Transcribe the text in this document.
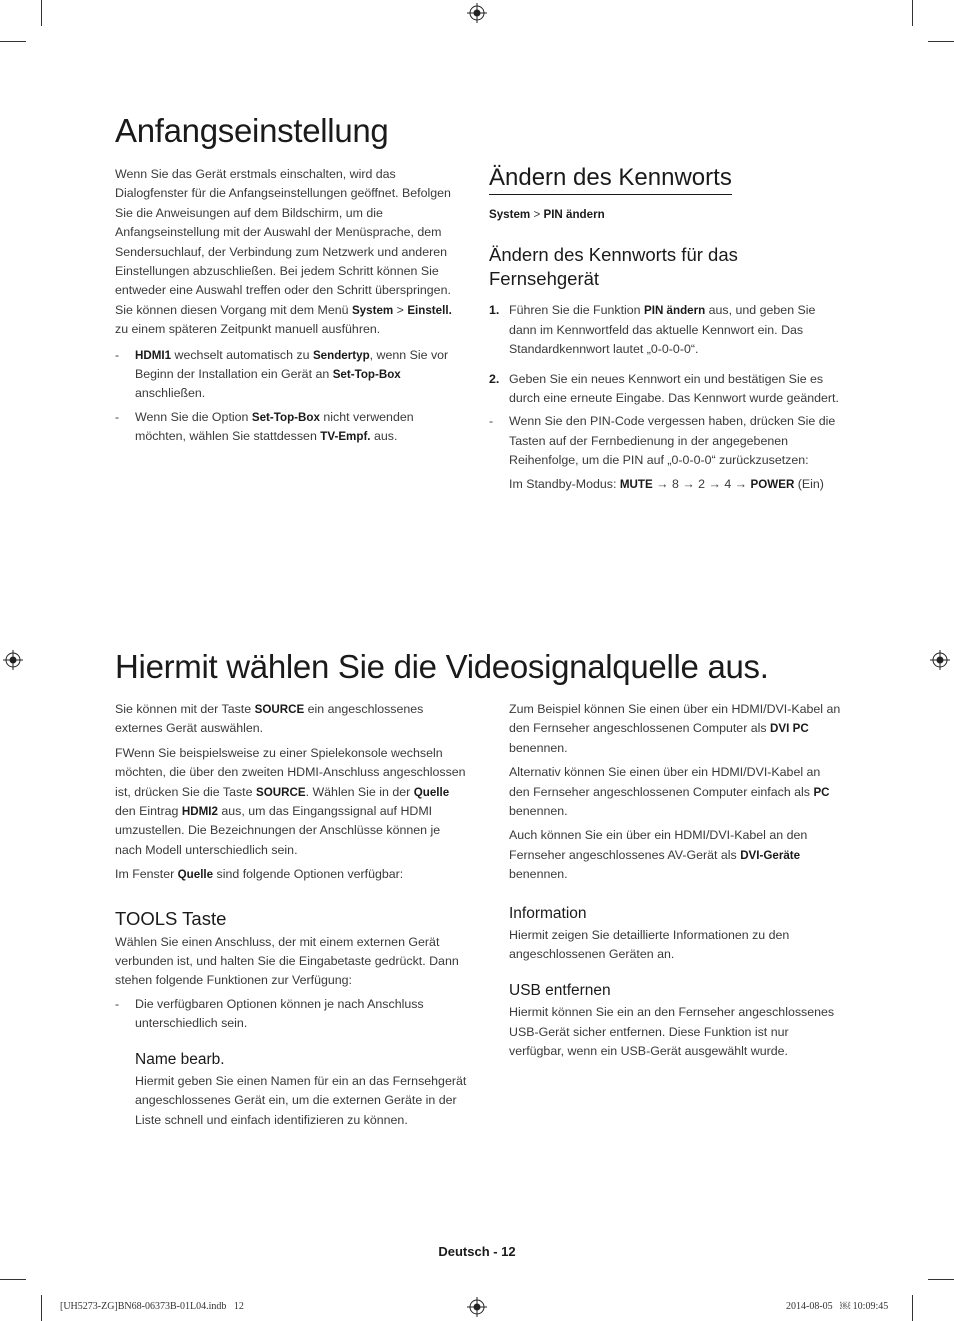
Anfangseinstellung

Wenn Sie das Gerät erstmals einschalten, wird das Dialogfenster für die Anfangseinstellungen geöffnet. Befolgen Sie die Anweisungen auf dem Bildschirm, um die Anfangseinstellung mit der Auswahl der Menüsprache, dem Sendersuchlauf, der Verbindung zum Netzwerk und anderen Einstellungen abzuschließen. Bei jedem Schritt können Sie entweder eine Auswahl treffen oder den Schritt überspringen. Sie können diesen Vorgang mit dem Menü System > Einstell. zu einem späteren Zeitpunkt manuell ausführen.

- HDMI1 wechselt automatisch zu Sendertyp, wenn Sie vor Beginn der Installation ein Gerät an Set-Top-Box anschließen.
- Wenn Sie die Option Set-Top-Box nicht verwenden möchten, wählen Sie stattdessen TV-Empf. aus.
Ändern des Kennworts

System > PIN ändern

Ändern des Kennworts für das Fernsehgerät
1. Führen Sie die Funktion PIN ändern aus, und geben Sie dann im Kennwortfeld das aktuelle Kennwort ein. Das Standardkennwort lautet „0-0-0-0“.
2. Geben Sie ein neues Kennwort ein und bestätigen Sie es durch eine erneute Eingabe. Das Kennwort wurde geändert.
- Wenn Sie den PIN-Code vergessen haben, drücken Sie die Tasten auf der Fernbedienung in der angegebenen Reihenfolge, um die PIN auf „0-0-0-0“ zurückzusetzen:
Im Standby-Modus: MUTE → 8 → 2 → 4 → POWER (Ein)
Hiermit wählen Sie die Videosignalquelle aus.

Sie können mit der Taste SOURCE ein angeschlossenes externes Gerät auswählen.

FWenn Sie beispielsweise zu einer Spielekonsole wechseln möchten, die über den zweiten HDMI-Anschluss angeschlossen ist, drücken Sie die Taste SOURCE. Wählen Sie in der Quelle den Eintrag HDMI2 aus, um das Eingangssignal auf HDMI umzustellen. Die Bezeichnungen der Anschlüsse können je nach Modell unterschiedlich sein.

Im Fenster Quelle sind folgende Optionen verfügbar:

TOOLS Taste

Wählen Sie einen Anschluss, der mit einem externen Gerät verbunden ist, und halten Sie die Eingabetaste gedrückt. Dann stehen folgende Funktionen zur Verfügung:

- Die verfügbaren Optionen können je nach Anschluss unterschiedlich sein.
Name bearb.

Hiermit geben Sie einen Namen für ein an das Fernsehgerät angeschlossenes Gerät ein, um die externen Geräte in der Liste schnell und einfach identifizieren zu können.

Zum Beispiel können Sie einen über ein HDMI/DVI-Kabel an den Fernseher angeschlossenen Computer als DVI PC benennen.

Alternativ können Sie einen über ein HDMI/DVI-Kabel an den Fernseher angeschlossenen Computer einfach als PC benennen.

Auch können Sie ein über ein HDMI/DVI-Kabel an den Fernseher angeschlossenes AV-Gerät als DVI-Geräte benennen.

Information

Hiermit zeigen Sie detaillierte Informationen zu den angeschlossenen Geräten an.

USB entfernen

Hiermit können Sie ein an den Fernseher angeschlossenes USB-Gerät sicher entfernen. Diese Funktion ist nur verfügbar, wenn ein USB-Gerät ausgewählt wurde.

Deutsch - 12
[UH5273-ZG]BN68-06373B-01L04.indb   12	2014-08-05   ￼ 10:09:45
